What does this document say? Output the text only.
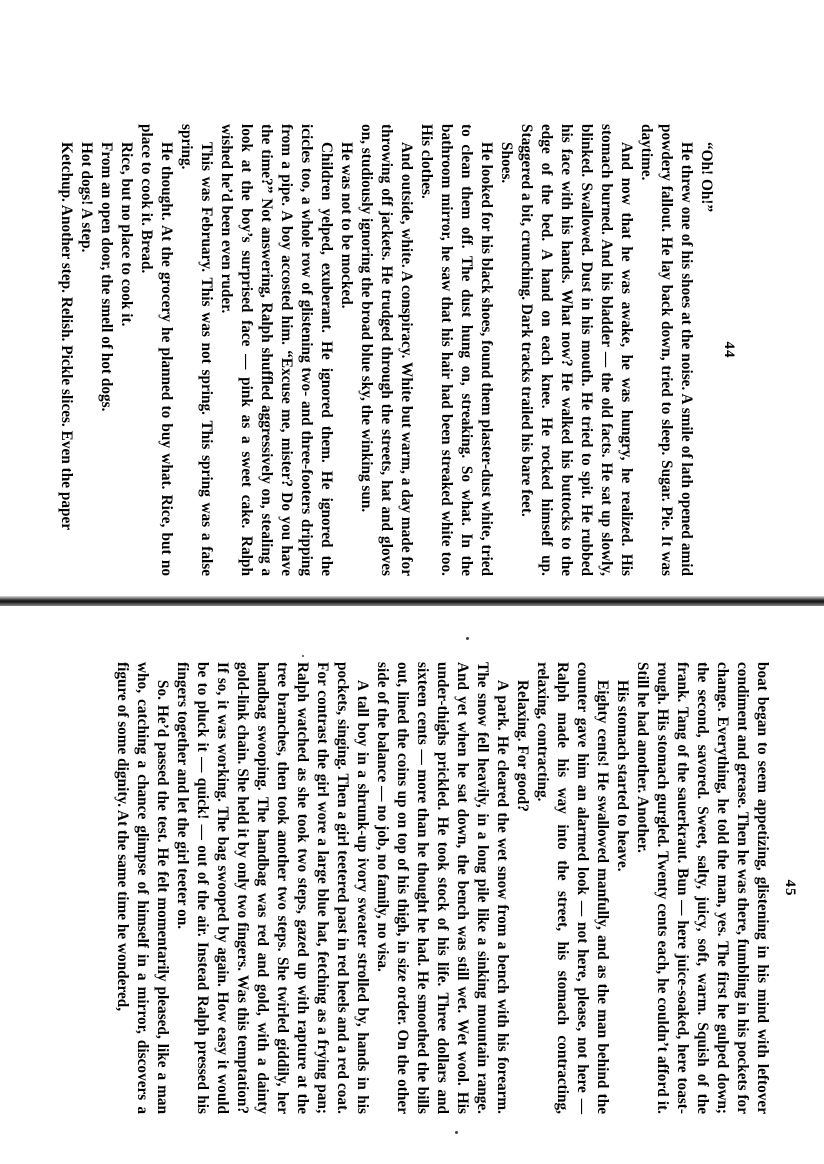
44

“Oh! Oh!”

He threw one of his shoes at the noise. A smile of lath opened amid powdery fallout. He lay back down, tried to sleep. Sugar. Pie. It was daytime.

And now that he was awake, he was hungry, he realized. His stomach burned. And his bladder — the old facts. He sat up slowly, blinked. Swallowed. Dust in his mouth. He tried to spit. He rubbed his face with his hands. What now? He walked his buttocks to the edge of the bed. A hand on each knee. He rocked himself up. Staggered a bit, crunching. Dark tracks trailed his bare feet.

Shoes.

He looked for his black shoes, found them plaster-dust white, tried to clean them off. The dust hung on, streaking. So what. In the bathroom mirror, he saw that his hair had been streaked white too. His clothes.

And outside, white. A conspiracy. White but warm, a day made for throwing off jackets. He trudged through the streets, hat and gloves on, studiously ignoring the broad blue sky, the winking sun.

He was not to be mocked.

Children yelped, exuberant. He ignored them. He ignored the icicles too, a whole row of glistening two- and three-footers dripping from a pipe. A boy accosted him. “Excuse me, mister? Do you have the time?” Not answering, Ralph shuffled aggressively on, stealing a look at the boy’s surprised face — pink as a sweet cake. Ralph wished he’d been even ruder.

This was February. This was not spring. This spring was a false spring.

He thought. At the grocery he planned to buy what. Rice, but no place to cook it. Bread.

Rice, but no place to cook it.

From an open door, the smell of hot dogs.

Hot dogs! A step.

Ketchup. Another step. Relish. Pickle slices. Even the paper

45

boat began to seem appetizing, glistening in his mind with leftover condiment and grease. Then he was there, fumbling in his pockets for change. Everything, he told the man, yes. The first he gulped down; the second, savored. Sweet, salty, juicy, soft, warm. Squish of the frank. Tang of the sauerkraut. Bun — here juice-soaked, here toast-rough. His stomach gurgled. Twenty cents each, he couldn’t afford it. Still he had another. Another.

His stomach started to heave.

Eighty cents! He swallowed manfully, and as the man behind the counter gave him an alarmed look — not here, please, not here — Ralph made his way into the street, his stomach contracting, relaxing, contracting.

Relaxing. For good?

A park. He cleared the wet snow from a bench with his forearm. The snow fell heavily, in a long pile like a sinking mountain range. And yet when he sat down, the bench was still wet. Wet wool. His under-thighs prickled. He took stock of his life. Three dollars and sixteen cents — more than he thought he had. He smoothed the bills out, lined the coins up on top of his thigh, in size order. On the other side of the balance — no job, no family, no visa.

A tall boy in a shrunk-up ivory sweater strolled by, hands in his pockets, singing. Then a girl teetered past in red heels and a red coat. For contrast the girl wore a large blue hat, fetching as a frying pan; Ralph watched as she took two steps, gazed up with rapture at the tree branches, then took another two steps. She twirled giddily, her handbag swooping. The handbag was red and gold, with a dainty gold-link chain. She held it by only two fingers. Was this temptation? If so, it was working. The bag swooped by again. How easy it would be to pluck it — quick! — out of the air. Instead Ralph pressed his fingers together and let the girl teeter on.

So. He’d passed the test. He felt momentarily pleased, like a man who, catching a chance glimpse of himself in a mirror, discovers a figure of some dignity. At the same time he wondered,
